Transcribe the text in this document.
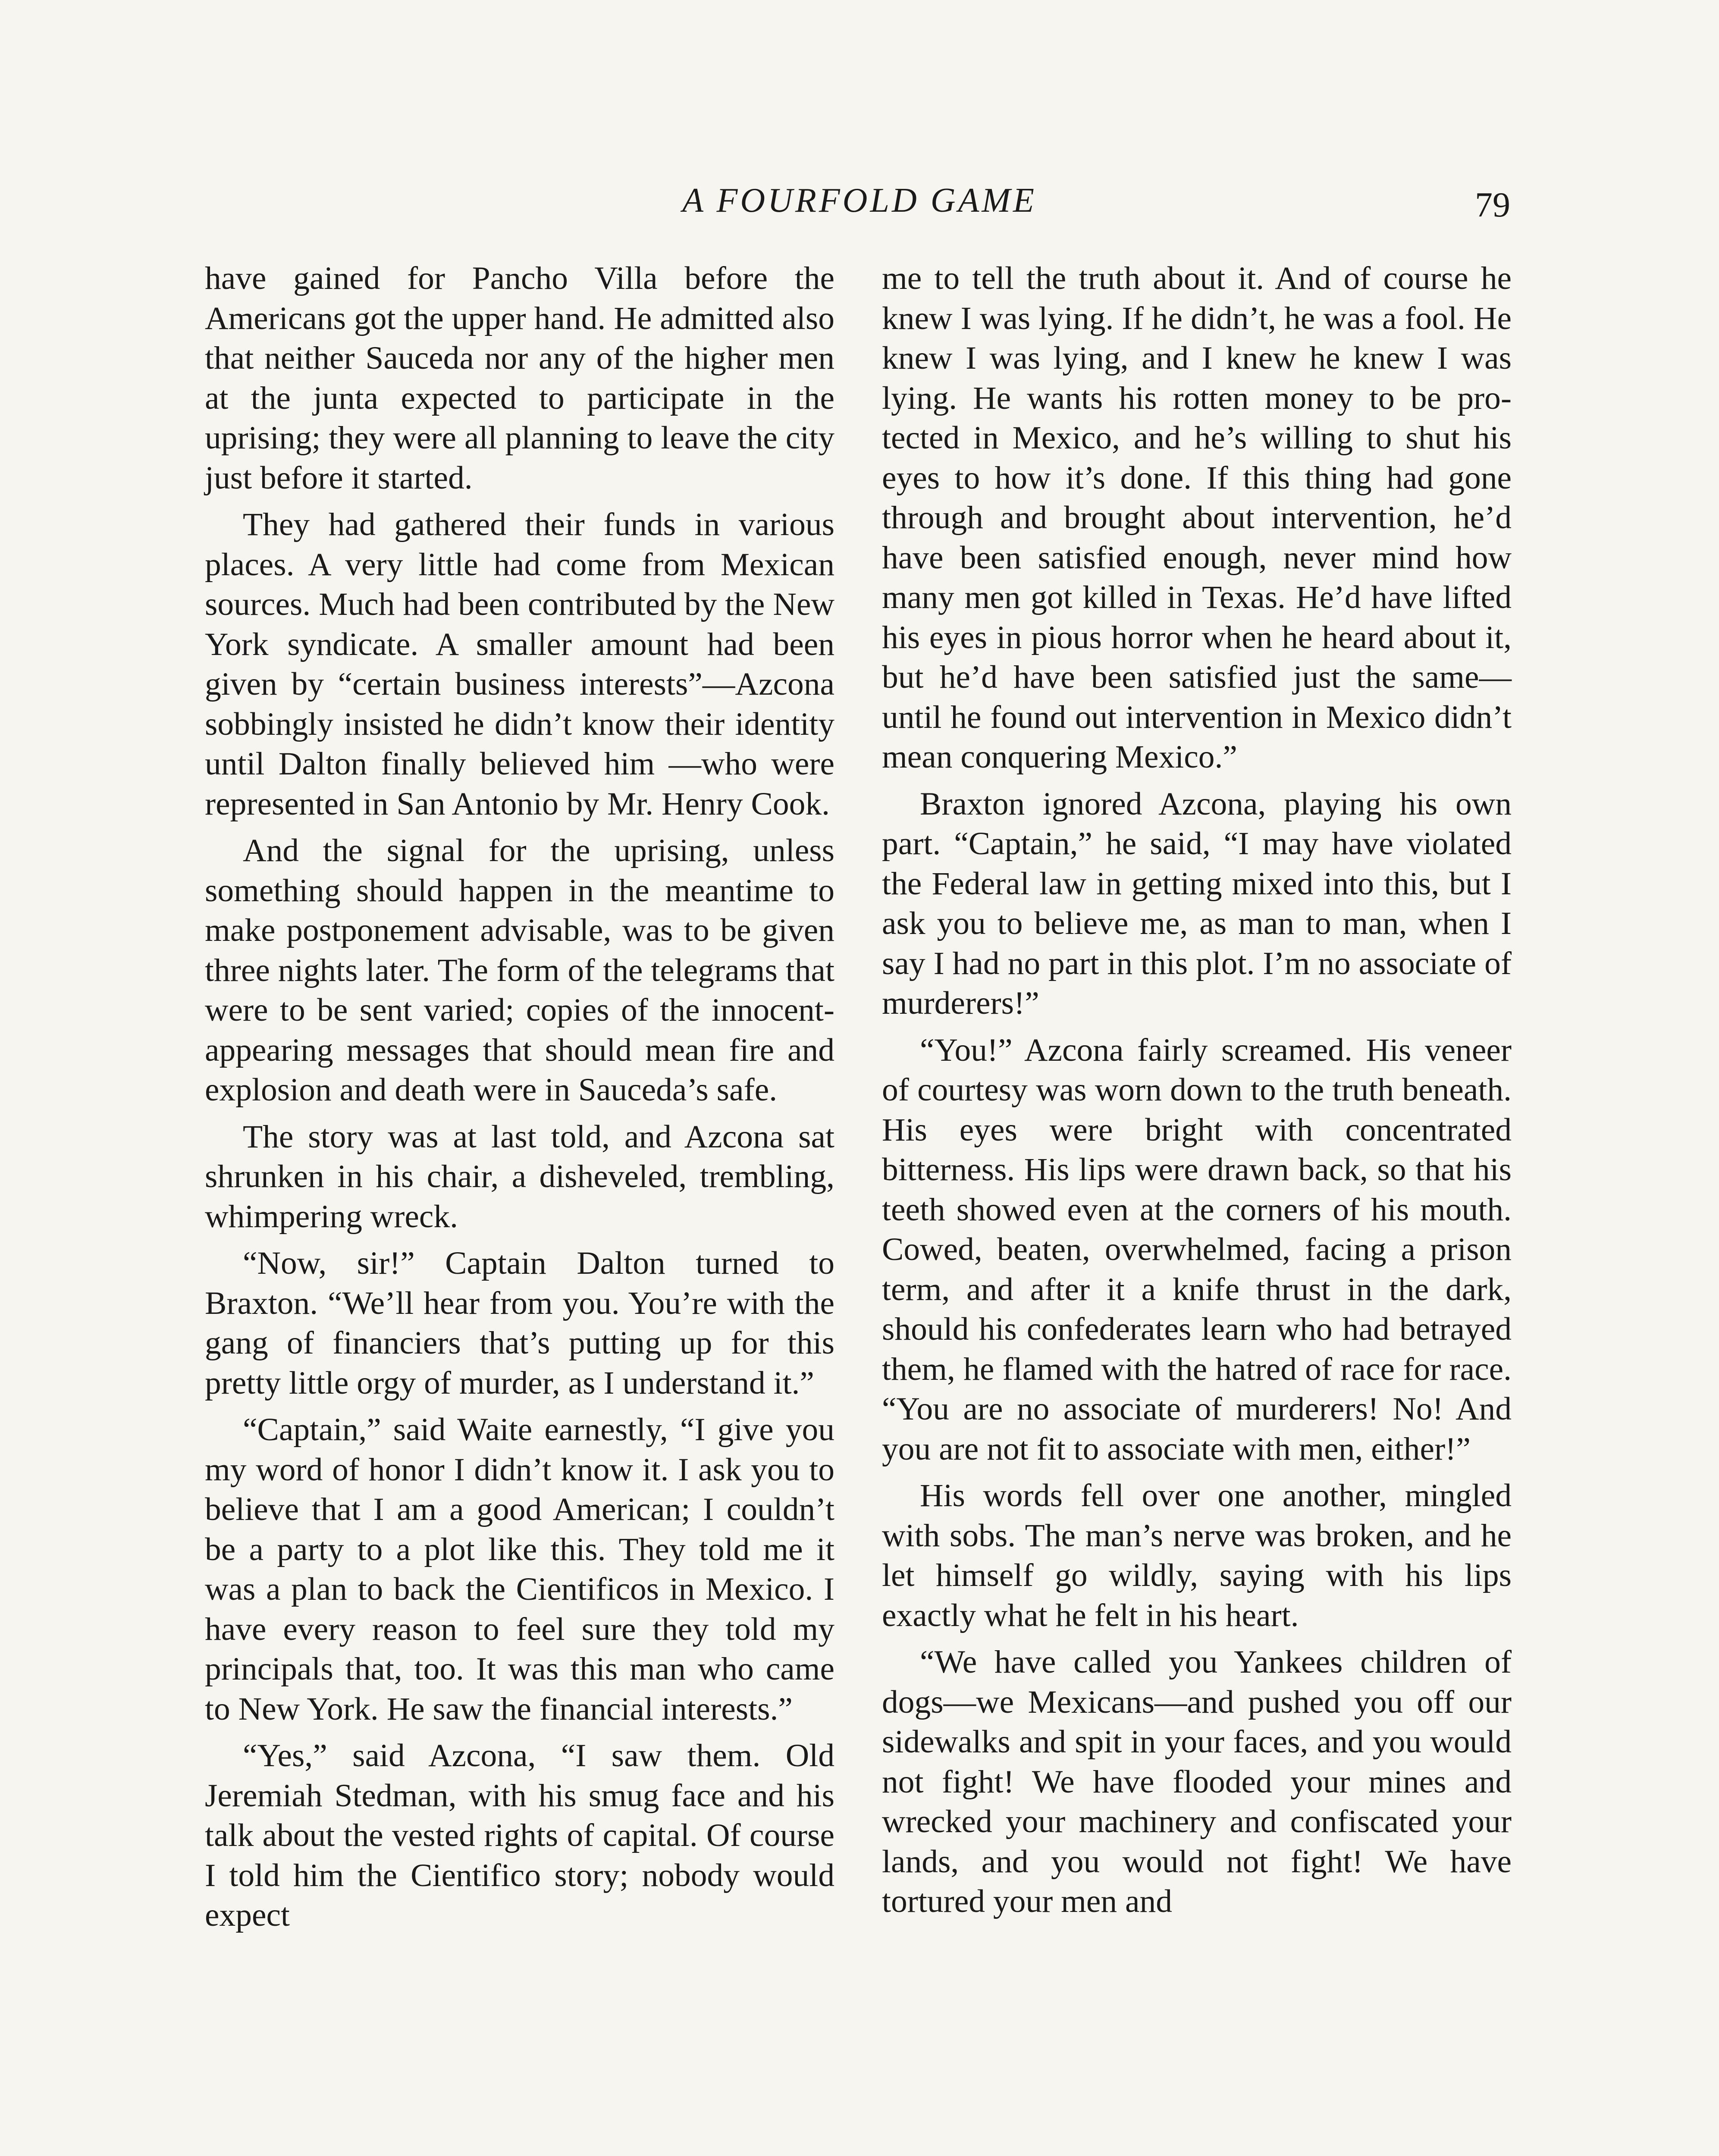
A FOURFOLD GAME	79

have gained for Pancho Villa before the Americans got the upper hand. He admitted also that neither Sauceda nor any of the higher men at the junta expected to participate in the uprising; they were all planning to leave the city just before it started.

They had gathered their funds in various places. A very little had come from Mexican sources. Much had been contributed by the New York syndicate. A smaller amount had been given by “certain business interests”—Azcona sobbingly insisted he didn’t know their identity until Dalton finally believed him —who were represented in San Antonio by Mr. Henry Cook.

And the signal for the uprising, unless something should happen in the meantime to make postponement advisable, was to be given three nights later. The form of the telegrams that were to be sent varied; copies of the innocent-appearing messages that should mean fire and explosion and death were in Sauceda’s safe.

The story was at last told, and Azcona sat shrunken in his chair, a disheveled, trembling, whimpering wreck.

“Now, sir!” Captain Dalton turned to Braxton. “We’ll hear from you. You’re with the gang of financiers that’s putting up for this pretty little orgy of murder, as I understand it.”

“Captain,” said Waite earnestly, “I give you my word of honor I didn’t know it. I ask you to believe that I am a good American; I couldn’t be a party to a plot like this. They told me it was a plan to back the Cientificos in Mexico. I have every reason to feel sure they told my principals that, too. It was this man who came to New York. He saw the financial interests.”

“Yes,” said Azcona, “I saw them. Old Jeremiah Stedman, with his smug face and his talk about the vested rights of capital. Of course I told him the Cientifico story; nobody would expect

me to tell the truth about it. And of course he knew I was lying. If he didn’t, he was a fool. He knew I was lying, and I knew he knew I was lying. He wants his rotten money to be protected in Mexico, and he’s willing to shut his eyes to how it’s done. If this thing had gone through and brought about intervention, he’d have been satisfied enough, never mind how many men got killed in Texas. He’d have lifted his eyes in pious horror when he heard about it, but he’d have been satisfied just the same—until he found out intervention in Mexico didn’t mean conquering Mexico.”

Braxton ignored Azcona, playing his own part. “Captain,” he said, “I may have violated the Federal law in getting mixed into this, but I ask you to believe me, as man to man, when I say I had no part in this plot. I’m no associate of murderers!”

“You!” Azcona fairly screamed. His veneer of courtesy was worn down to the truth beneath. His eyes were bright with concentrated bitterness. His lips were drawn back, so that his teeth showed even at the corners of his mouth. Cowed, beaten, overwhelmed, facing a prison term, and after it a knife thrust in the dark, should his confederates learn who had betrayed them, he flamed with the hatred of race for race. “You are no associate of murderers! No! And you are not fit to associate with men, either!”

His words fell over one another, mingled with sobs. The man’s nerve was broken, and he let himself go wildly, saying with his lips exactly what he felt in his heart.

“We have called you Yankees children of dogs—we Mexicans—and pushed you off our sidewalks and spit in your faces, and you would not fight! We have flooded your mines and wrecked your machinery and confiscated your lands, and you would not fight! We have tortured your men and
